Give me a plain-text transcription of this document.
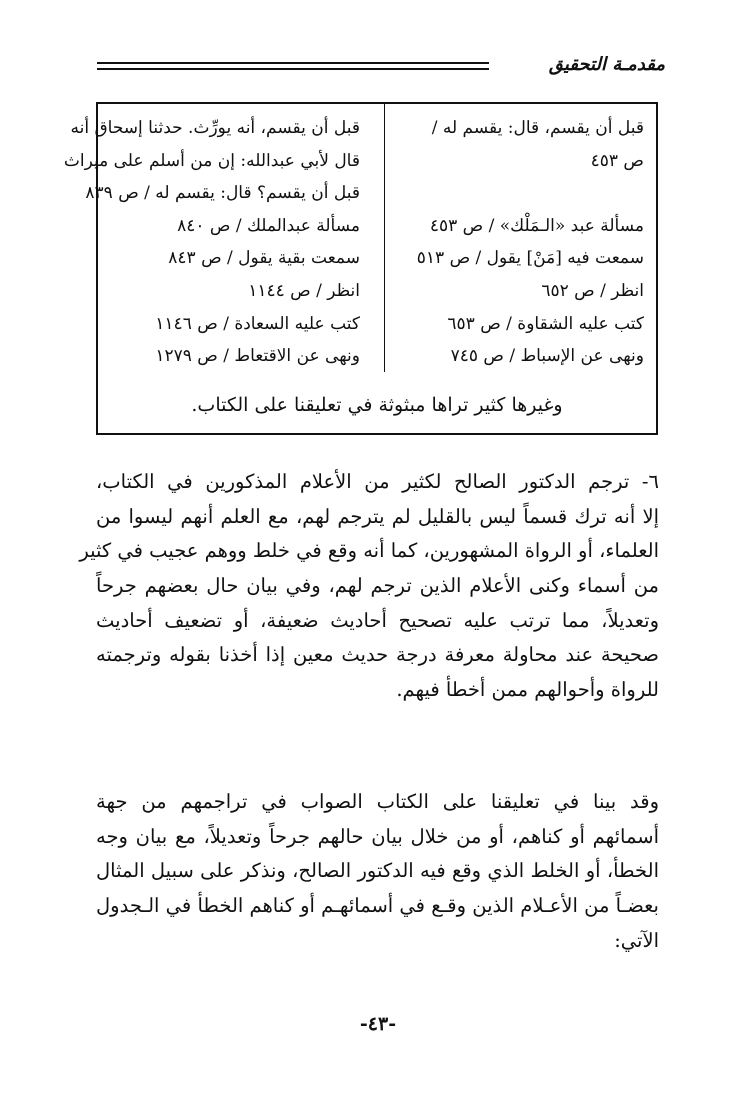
مقدمـة التحقيق
قبل أن يقسم، قال: يقسم له /
ص ٤٥٣
مسألة عبد «الـمَلْك» / ص ٤٥٣
سمعت فيه [مَنْ] يقول / ص ٥١٣
انظر / ص ٦٥٢
كتب عليه الشقاوة / ص ٦٥٣
ونهى عن الإسباط / ص ٧٤٥
قبل أن يقسم، أنه يورِّث. حدثنا إسحاق أنه
قال لأبي عبدالله: إن من أسلم على ميراث
قبل أن يقسم؟ قال: يقسم له / ص ٨٣٩
مسألة عبدالملك / ص ٨٤٠
سمعت بقية يقول / ص ٨٤٣
انظر / ص ١١٤٤
كتب عليه السعادة / ص ١١٤٦
ونهى عن الاقتعاط / ص ١٢٧٩
وغيرها كثير تراها مبثوثة في تعليقنا على الكتاب.
٦- ترجم الدكتور الصالح لكثير من الأعلام المذكورين في الكتاب،
إلا أنه ترك قسماً ليس بالقليل لم يترجم لهم، مع العلم أنهم ليسوا من
العلماء، أو الرواة المشهورين، كما أنه وقع في خلط ووهم عجيب في كثير
من أسماء وكنى الأعلام الذين ترجم لهم، وفي بيان حال بعضهم جرحاً
وتعديلاً، مما ترتب عليه تصحيح أحاديث ضعيفة، أو تضعيف أحاديث
صحيحة عند محاولة معرفة درجة حديث معين إذا أخذنا بقوله وترجمته
للرواة وأحوالهم ممن أخطأ فيهم.
وقد بينا في تعليقنا على الكتاب الصواب في تراجمهم من جهة
أسمائهم أو كناهم، أو من خلال بيان حالهم جرحاً وتعديلاً، مع بيان وجه
الخطأ، أو الخلط الذي وقع فيه الدكتور الصالح، ونذكر على سبيل المثال
بعضـاً من الأعـلام الذين وقـع في أسمائهـم أو كناهم الخطأ في الـجدول
الآتي:
-٤٣-
